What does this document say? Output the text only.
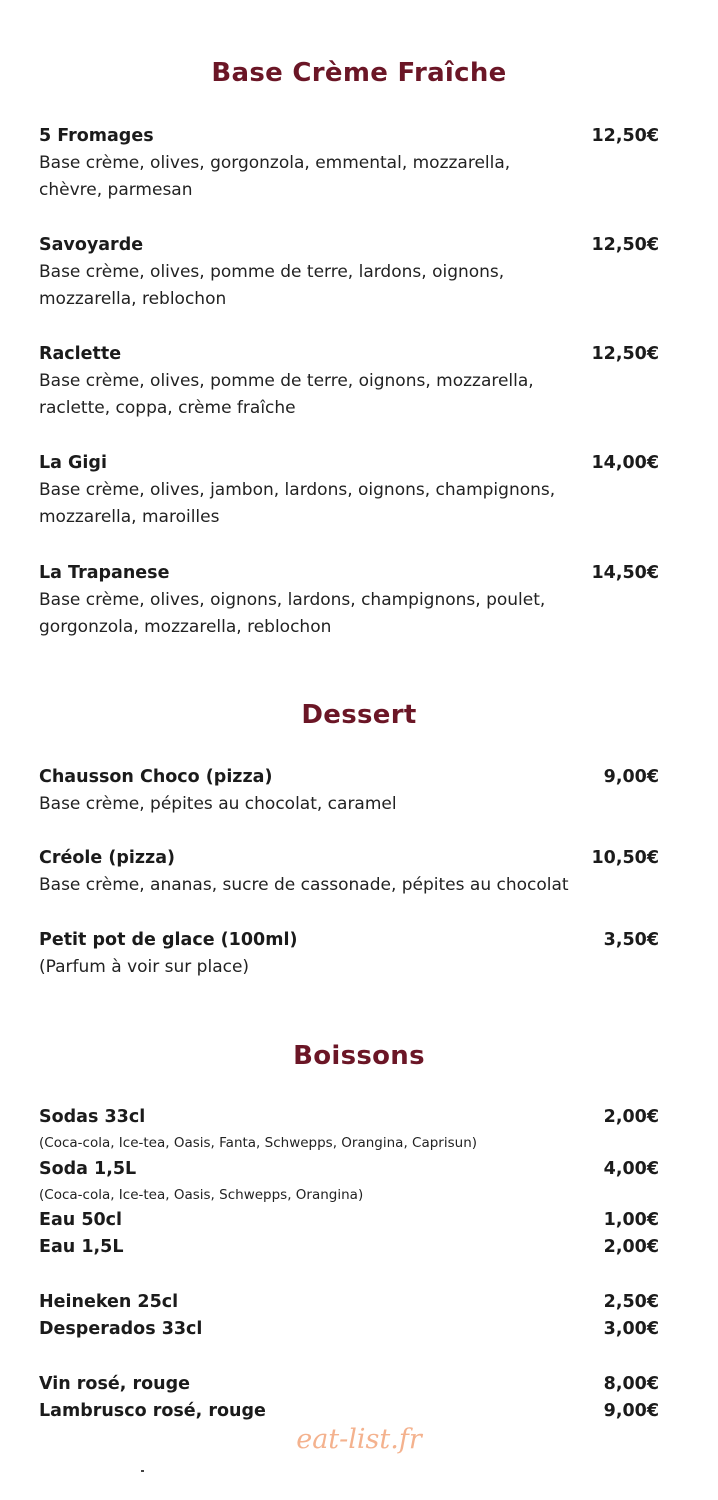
Base Crème Fraîche
5 Fromages	12,50€
Base crème, olives, gorgonzola, emmental, mozzarella,
chèvre, parmesan
Savoyarde	12,50€
Base crème, olives, pomme de terre, lardons, oignons,
mozzarella, reblochon
Raclette	12,50€
Base crème, olives, pomme de terre, oignons, mozzarella,
raclette, coppa, crème fraîche
La Gigi	14,00€
Base crème, olives, jambon, lardons, oignons, champignons,
mozzarella, maroilles
La Trapanese	14,50€
Base crème, olives, oignons, lardons, champignons, poulet,
gorgonzola, mozzarella, reblochon
Dessert
Chausson Choco (pizza)	9,00€
Base crème, pépites au chocolat, caramel
Créole (pizza)	10,50€
Base crème, ananas, sucre de cassonade, pépites au chocolat
Petit pot de glace (100ml)	3,50€
(Parfum à voir sur place)
Boissons
Sodas 33cl	2,00€
(Coca-cola, Ice-tea, Oasis, Fanta, Schwepps, Orangina, Caprisun)
Soda 1,5L	4,00€
(Coca-cola, Ice-tea, Oasis, Schwepps, Orangina)
Eau 50cl	1,00€
Eau 1,5L	2,00€
Heineken 25cl	2,50€
Desperados 33cl	3,00€
Vin rosé, rouge	8,00€
Lambrusco rosé, rouge	9,00€
eat-list.fr
